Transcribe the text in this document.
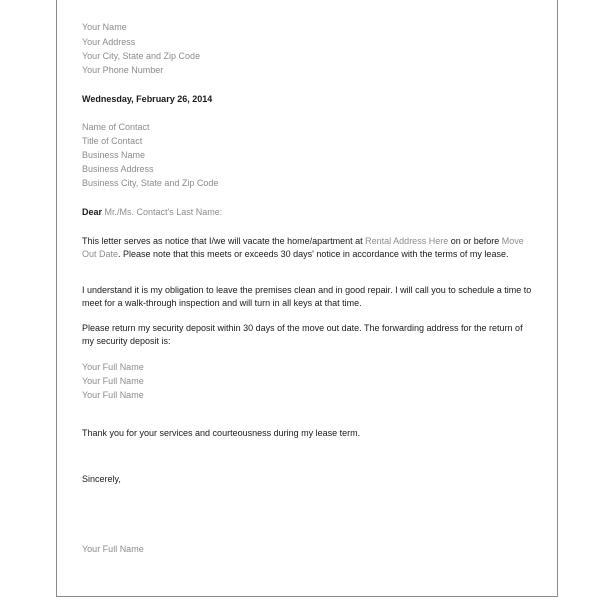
Your Name
Your Address
Your City, State and Zip Code
Your Phone Number
Wednesday, February 26, 2014
Name of Contact
Title of Contact
Business Name
Business Address
Business City, State and Zip Code
Dear Mr./Ms. Contact's Last Name:
This letter serves as notice that I/we will vacate the home/apartment at Rental Address Here on or before Move Out Date. Please note that this meets or exceeds 30 days' notice in accordance with the terms of my lease.
I understand it is my obligation to leave the premises clean and in good repair. I will call you to schedule a time to meet for a walk-through inspection and will turn in all keys at that time.
Please return my security deposit within 30 days of the move out date. The forwarding address for the return of my security deposit is:
Your Full Name
Your Full Name
Your Full Name
Thank you for your services and courteousness during my lease term.
Sincerely,
Your Full Name
